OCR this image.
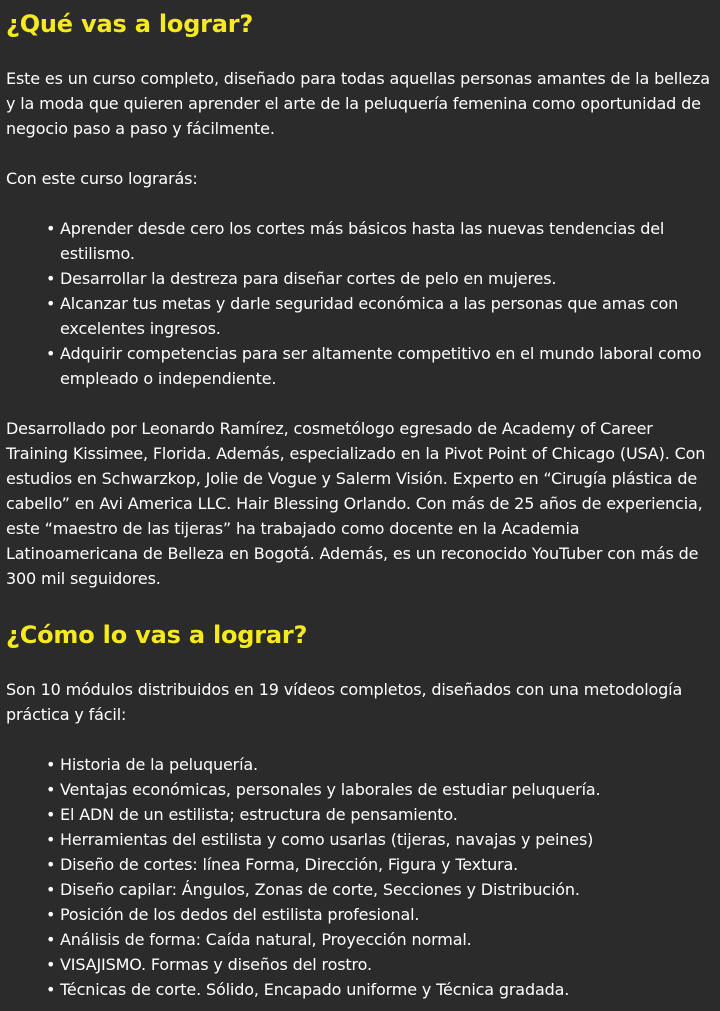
¿Qué vas a lograr?

Este es un curso completo, diseñado para todas aquellas personas amantes de la belleza y la moda que quieren aprender el arte de la peluquería femenina como oportunidad de negocio paso a paso y fácilmente.

Con este curso lograrás:

• Aprender desde cero los cortes más básicos hasta las nuevas tendencias del estilismo.
• Desarrollar la destreza para diseñar cortes de pelo en mujeres.
• Alcanzar tus metas y darle seguridad económica a las personas que amas con excelentes ingresos.
• Adquirir competencias para ser altamente competitivo en el mundo laboral como empleado o independiente.

Desarrollado por Leonardo Ramírez, cosmetólogo egresado de Academy of Career Training Kissimee, Florida. Además, especializado en la Pivot Point of Chicago (USA). Con estudios en Schwarzkop, Jolie de Vogue y Salerm Visión. Experto en “Cirugía plástica de cabello” en Avi America LLC. Hair Blessing Orlando. Con más de 25 años de experiencia, este “maestro de las tijeras” ha trabajado como docente en la Academia Latinoamericana de Belleza en Bogotá. Además, es un reconocido YouTuber con más de 300 mil seguidores.

¿Cómo lo vas a lograr?

Son 10 módulos distribuidos en 19 vídeos completos, diseñados con una metodología práctica y fácil:

• Historia de la peluquería.
• Ventajas económicas, personales y laborales de estudiar peluquería.
• El ADN de un estilista; estructura de pensamiento.
• Herramientas del estilista y como usarlas (tijeras, navajas y peines)
• Diseño de cortes: línea Forma, Dirección, Figura y Textura.
• Diseño capilar: Ángulos, Zonas de corte, Secciones y Distribución.
• Posición de los dedos del estilista profesional.
• Análisis de forma: Caída natural, Proyección normal.
• VISAJISMO. Formas y diseños del rostro.
• Técnicas de corte. Sólido, Encapado uniforme y Técnica gradada.
